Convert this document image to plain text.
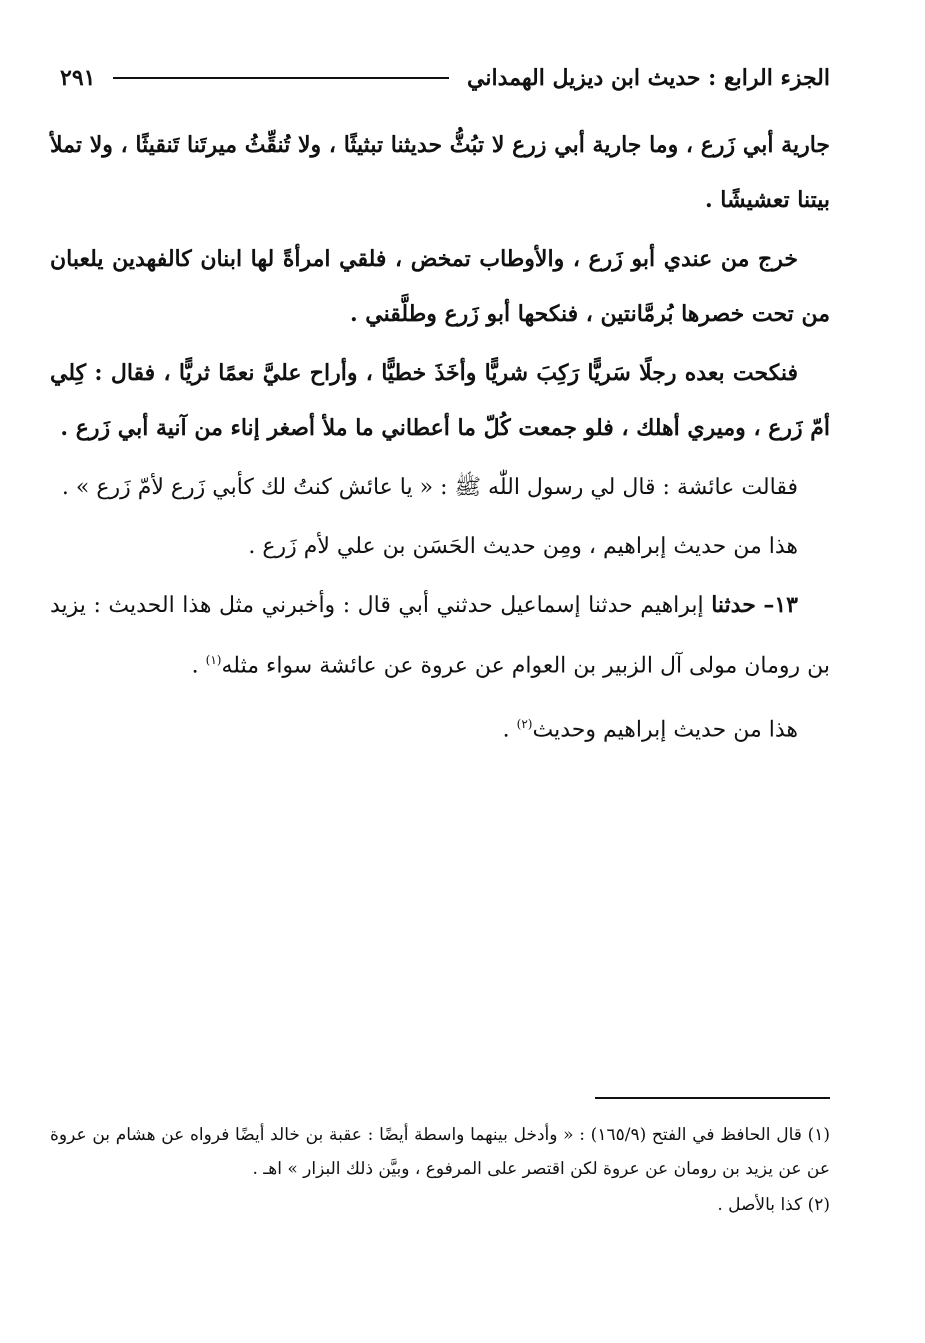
الجزء الرابع : حديث ابن ديزيل الهمداني
٢٩١

جارية أبي زَرع ، وما جارية أبي زرع لا تبُثُّ حديثنا تبثيثًا ، ولا تُنقِّثُ ميرتَنا تَنقيثًا ، ولا تملأ بيتنا تعشيشًا .

خرج من عندي أبو زَرع ، والأوطاب تمخض ، فلقي امرأةً لها ابنان كالفهدين يلعبان من تحت خصرها بُرمَّانتين ، فنكحها أبو زَرع وطلَّقني .

فنكحت بعده رجلًا سَريًّا رَكِبَ شريًّا وأخَذَ خطيًّا ، وأراح عليَّ نعمًا ثريًّا ، فقال : كِلي أمّ زَرع ، وميري أهلك ، فلو جمعت كُلّ ما أعطاني ما ملأ أصغر إناء من آنية أبي زَرع .

فقالت عائشة : قال لي رسول اللّٰه ﷺ : « يا عائش كنتُ لك كأبي زَرع لأمّ زَرع » .

هذا من حديث إبراهيم ، ومِن حديث الحَسَن بن علي لأم زَرع .

١٣– حدثنا إبراهيم حدثنا إسماعيل حدثني أبي قال : وأخبرني مثل هذا الحديث : يزيد بن رومان مولى آل الزبير بن العوام عن عروة عن عائشة سواء مثله$^{(١)}$ .

هذا من حديث إبراهيم وحديث$^{(٢)}$ .

(١) قال الحافظ في الفتح (١٦٥/٩) : « وأدخل بينهما واسطة أيضًا : عقبة بن خالد أيضًا فرواه عن هشام بن عروة عن عن يزيد بن رومان عن عروة لكن اقتصر على المرفوع ، وبيَّن ذلك البزار » اهـ .

(٢) كذا بالأصل .
